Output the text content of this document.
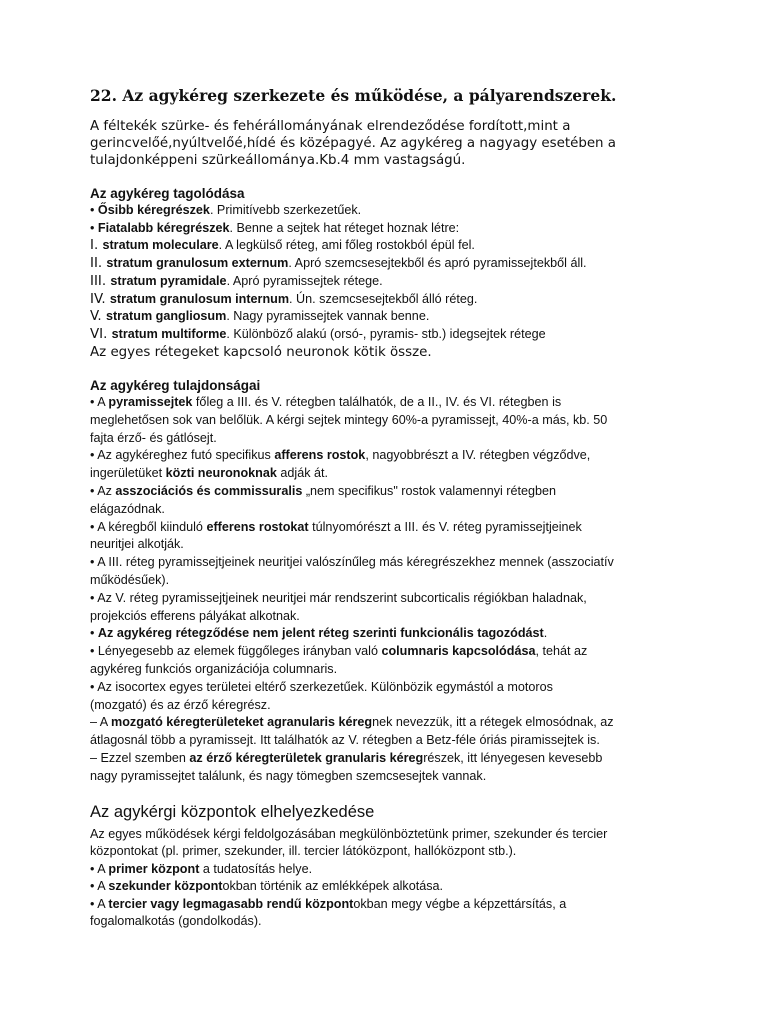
22. Az agykéreg szerkezete és működése, a pályarendszerek.

A féltekék szürke- és fehérállományának elrendeződése fordított,mint a gerincvelőé,nyúltvelőé,hídé és középagyé. Az agykéreg a nagyagy esetében a tulajdonképpeni szürkeállománya.Kb.4 mm vastagságú.

Az agykéreg tagolódása

• Ősibb kéregrészek. Primitívebb szerkezetűek.

• Fiatalabb kéregrészek. Benne a sejtek hat réteget hoznak létre:

I. stratum moleculare. A legkülső réteg, ami főleg rostokból épül fel.

II. stratum granulosum externum. Apró szemcsesejtekből és apró pyramissejtekből áll.

III. stratum pyramidale. Apró pyramissejtek rétege.

IV. stratum granulosum internum. Ún. szemcsesejtekből álló réteg.

V. stratum gangliosum. Nagy pyramissejtek vannak benne.

VI. stratum multiforme. Különböző alakú (orsó-, pyramis- stb.) idegsejtek rétege

Az egyes rétegeket kapcsoló neuronok kötik össze.

Az agykéreg tulajdonságai

• A pyramissejtek főleg a III. és V. rétegben találhatók, de a II., IV. és VI. rétegben is

meglehetősen sok van belőlük. A kérgi sejtek mintegy 60%-a pyramissejt, 40%-a más, kb. 50

fajta érző- és gátlósejt.

• Az agykéreghez futó specifikus afferens rostok, nagyobbrészt a IV. rétegben végződve,

ingerületüket közti neuronoknak adják át.

• Az asszociációs és commissuralis „nem specifikus" rostok valamennyi rétegben

elágazódnak.

• A kéregből kiinduló efferens rostokat túlnyomórészt a III. és V. réteg pyramissejtjeinek

neuritjei alkotják.

• A III. réteg pyramissejtjeinek neuritjei valószínűleg más kéregrészekhez mennek (asszociatív

működésűek).

• Az V. réteg pyramissejtjeinek neuritjei már rendszerint subcorticalis régiókban haladnak,

projekciós efferens pályákat alkotnak.

• Az agykéreg rétegződése nem jelent réteg szerinti funkcionális tagozódást.

• Lényegesebb az elemek függőleges irányban való columnaris kapcsolódása, tehát az

agykéreg funkciós organizációja columnaris.

• Az isocortex egyes területei eltérő szerkezetűek. Különbözik egymástól a motoros

(mozgató) és az érző kéregrész.

– A mozgató kéregterületeket agranularis kéregnek nevezzük, itt a rétegek elmosódnak, az

átlagosnál több a pyramissejt. Itt találhatók az V. rétegben a Betz-féle óriás piramissejtek is.

– Ezzel szemben az érző kéregterületek granularis kéregrészek, itt lényegesen kevesebb

nagy pyramissejtet találunk, és nagy tömegben szemcsesejtek vannak.

Az agykérgi központok elhelyezkedése

Az egyes működések kérgi feldolgozásában megkülönböztetünk primer, szekunder és tercier

központokat (pl. primer, szekunder, ill. tercier látóközpont, hallóközpont stb.).

• A primer központ a tudatosítás helye.

• A szekunder központokban történik az emlékképek alkotása.

• A tercier vagy legmagasabb rendű központokban megy végbe a képzettársítás, a

fogalomalkotás (gondolkodás).
